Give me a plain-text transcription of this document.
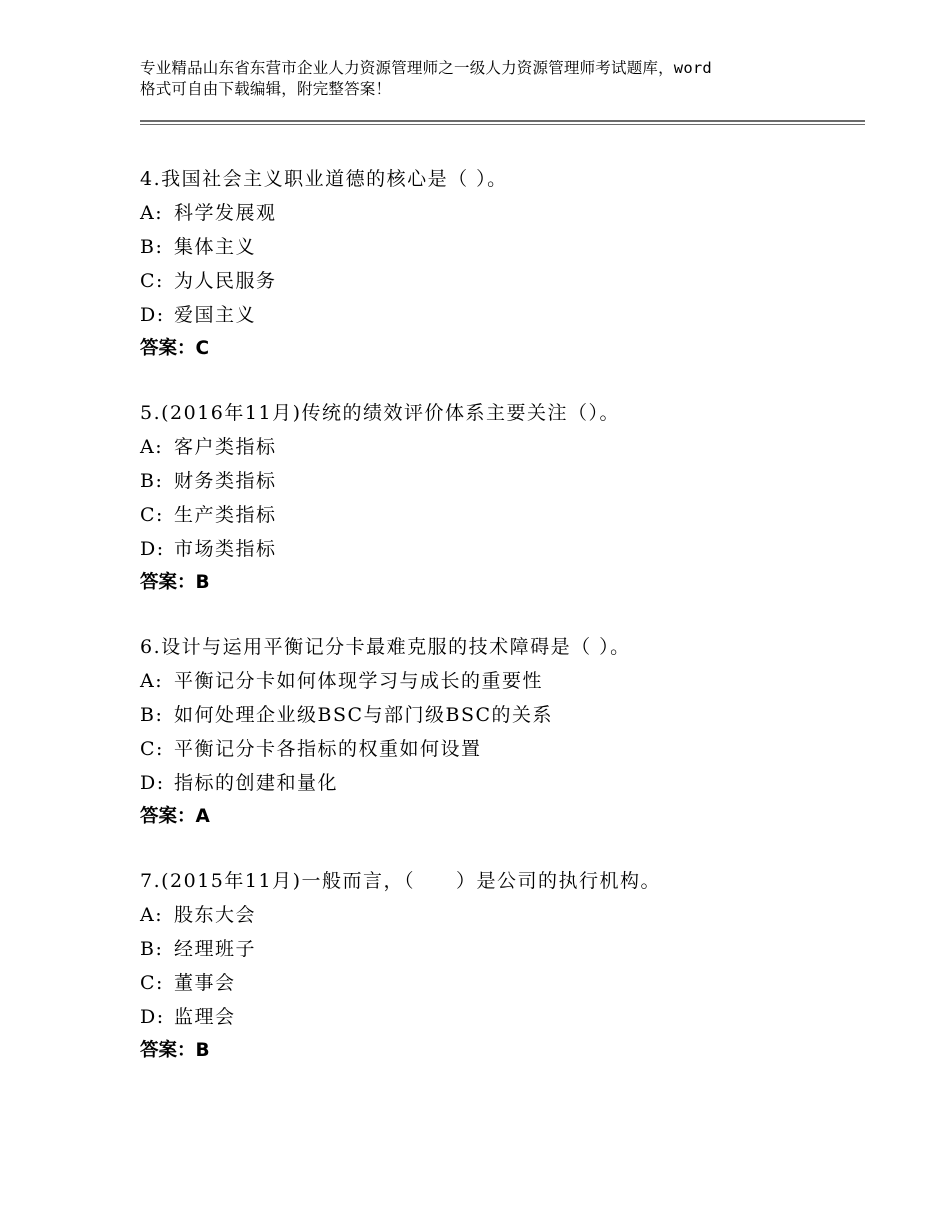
专业精品山东省东营市企业人力资源管理师之一级人力资源管理师考试题库，word
格式可自由下载编辑，附完整答案！
4.我国社会主义职业道德的核心是（ ）。
A: 科学发展观
B: 集体主义
C: 为人民服务
D: 爱国主义
答案：C
5.(2016年11月)传统的绩效评价体系主要关注（）。
A: 客户类指标
B: 财务类指标
C: 生产类指标
D: 市场类指标
答案：B
6.设计与运用平衡记分卡最难克服的技术障碍是（ ）。
A: 平衡记分卡如何体现学习与成长的重要性
B: 如何处理企业级BSC与部门级BSC的关系
C: 平衡记分卡各指标的权重如何设置
D: 指标的创建和量化
答案：A
7.(2015年11月)一般而言，（　　）是公司的执行机构。
A: 股东大会
B: 经理班子
C: 董事会
D: 监理会
答案：B
